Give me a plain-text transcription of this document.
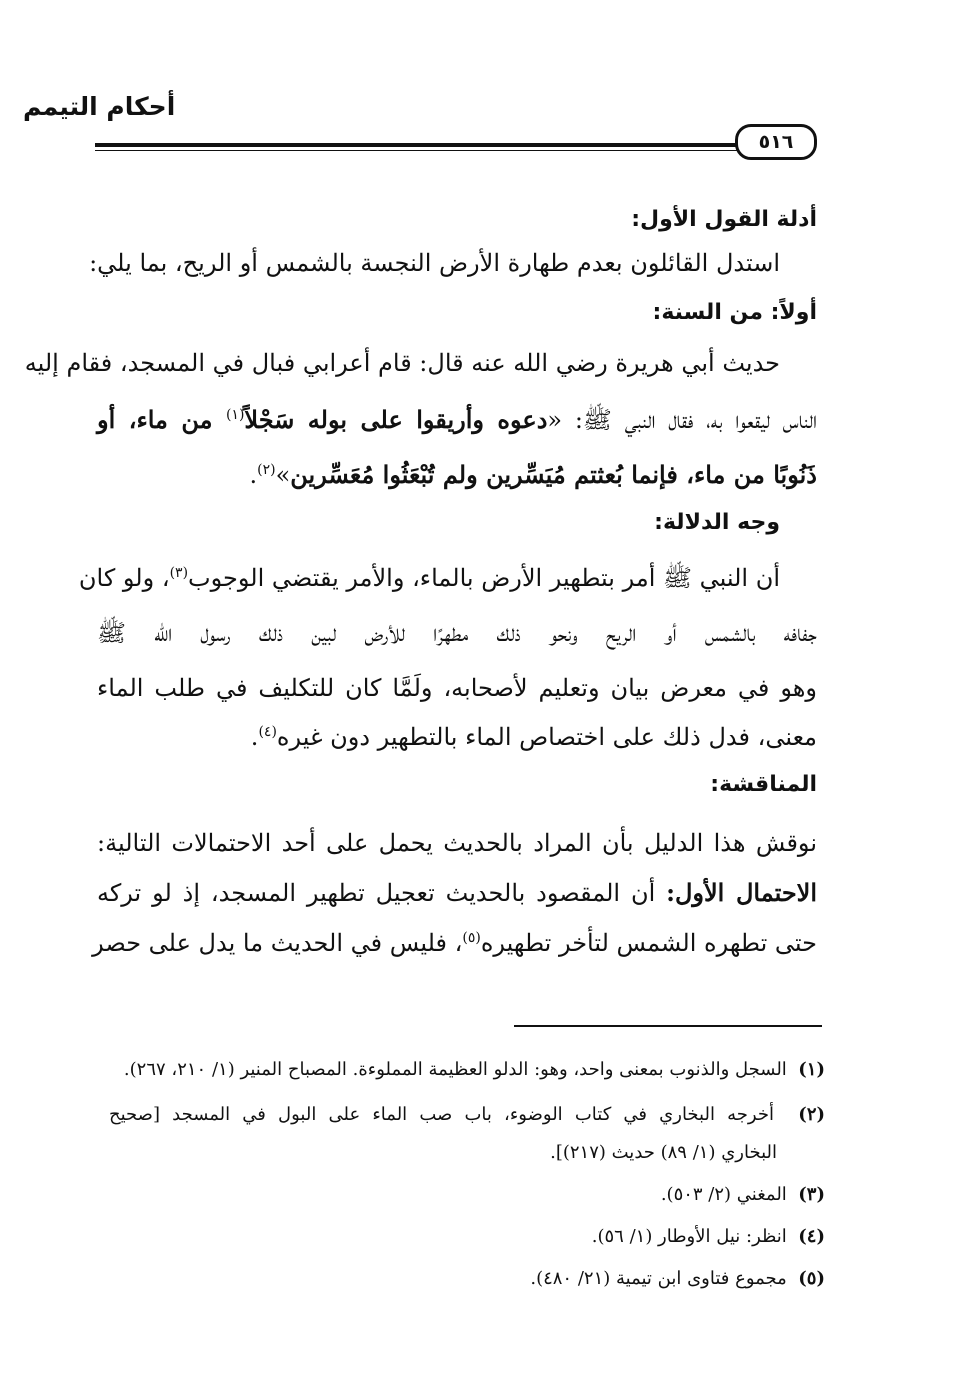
أحكام التيمم
٥١٦
أدلة القول الأول:
استدل القائلون بعدم طهارة الأرض النجسة بالشمس أو الريح، بما يلي:
أولاً: من السنة:
حديث أبي هريرة رضي الله عنه قال: قام أعرابي فبال في المسجد، فقام إليه
الناس ليقعوا به، فقال النبي ﷺ: «دعوه وأريقوا على بوله سَجْلاً$^{(١)}$ من ماء، أو
ذَنُوبًا من ماء، فإنما بُعثتم مُيَسِّرين ولم تُبْعَثُوا مُعَسِّرين»$^{(٢)}$.
وجه الدلالة:
أن النبي ﷺ أمر بتطهير الأرض بالماء، والأمر يقتضي الوجوب$^{(٣)}$، ولو كان
جفافه بالشمس أو الريح ونحو ذلك مطهرًا للأرض لبين ذلك رسول الله ﷺ
وهو في معرض بيان وتعليم لأصحابه، ولَمَّا كان للتكليف في طلب الماء
معنى، فدل ذلك على اختصاص الماء بالتطهير دون غيره$^{(٤)}$.
المناقشة:
نوقش هذا الدليل بأن المراد بالحديث يحمل على أحد الاحتمالات التالية:
الاحتمال الأول: أن المقصود بالحديث تعجيل تطهير المسجد، إذ لو تركه
حتى تطهره الشمس لتأخر تطهيره$^{(٥)}$، فليس في الحديث ما يدل على حصر
(١)  السجل والذنوب بمعنى واحد، وهو: الدلو العظيمة المملوءة. المصباح المنير (١/ ٢١٠، ٢٦٧).
(٢)  أخرجه البخاري في كتاب الوضوء، باب صب الماء على البول في المسجد [صحيح
البخاري (١/ ٨٩) حديث (٢١٧)].
(٣)  المغني (٢/ ٥٠٣).
(٤)  انظر: نيل الأوطار (١/ ٥٦).
(٥)  مجموع فتاوى ابن تيمية (٢١/ ٤٨٠).
